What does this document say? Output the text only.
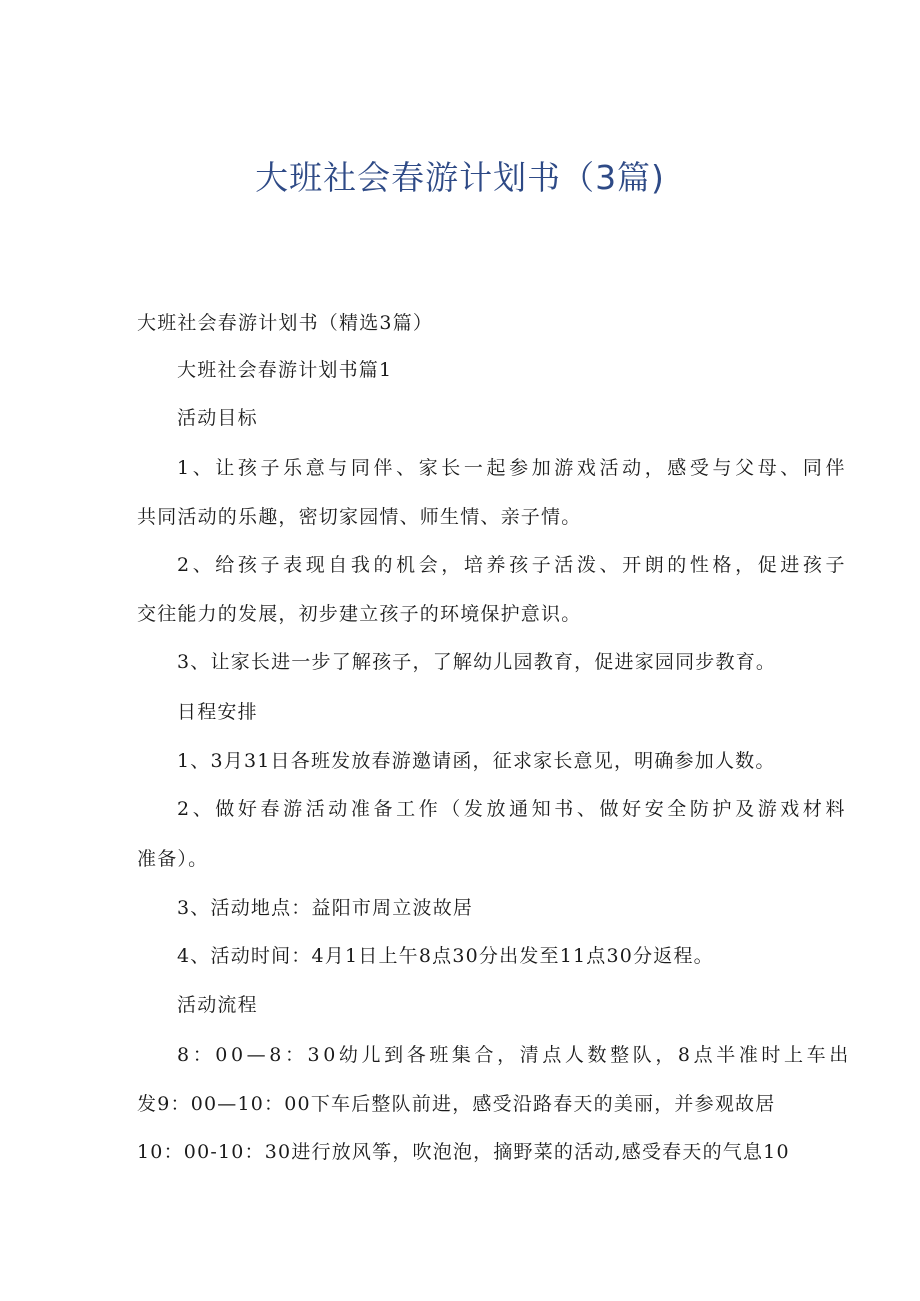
大班社会春游计划书（3篇)

大班社会春游计划书（精选3篇）

大班社会春游计划书篇1

活动目标

1、让孩子乐意与同伴、家长一起参加游戏活动，感受与父母、同伴

共同活动的乐趣，密切家园情、师生情、亲子情。

2、给孩子表现自我的机会，培养孩子活泼、开朗的性格，促进孩子

交往能力的发展，初步建立孩子的环境保护意识。

3、让家长进一步了解孩子，了解幼儿园教育，促进家园同步教育。

日程安排

1、3月31日各班发放春游邀请函，征求家长意见，明确参加人数。

2、做好春游活动准备工作（发放通知书、做好安全防护及游戏材料

准备）。

3、活动地点：益阳市周立波故居

4、活动时间：4月1日上午8点30分出发至11点30分返程。

活动流程

8：00—8：30幼儿到各班集合，清点人数整队，8点半准时上车出

发9：00—10：00下车后整队前进，感受沿路春天的美丽，并参观故居

10：00-10：30进行放风筝，吹泡泡，摘野菜的活动,感受春天的气息10
